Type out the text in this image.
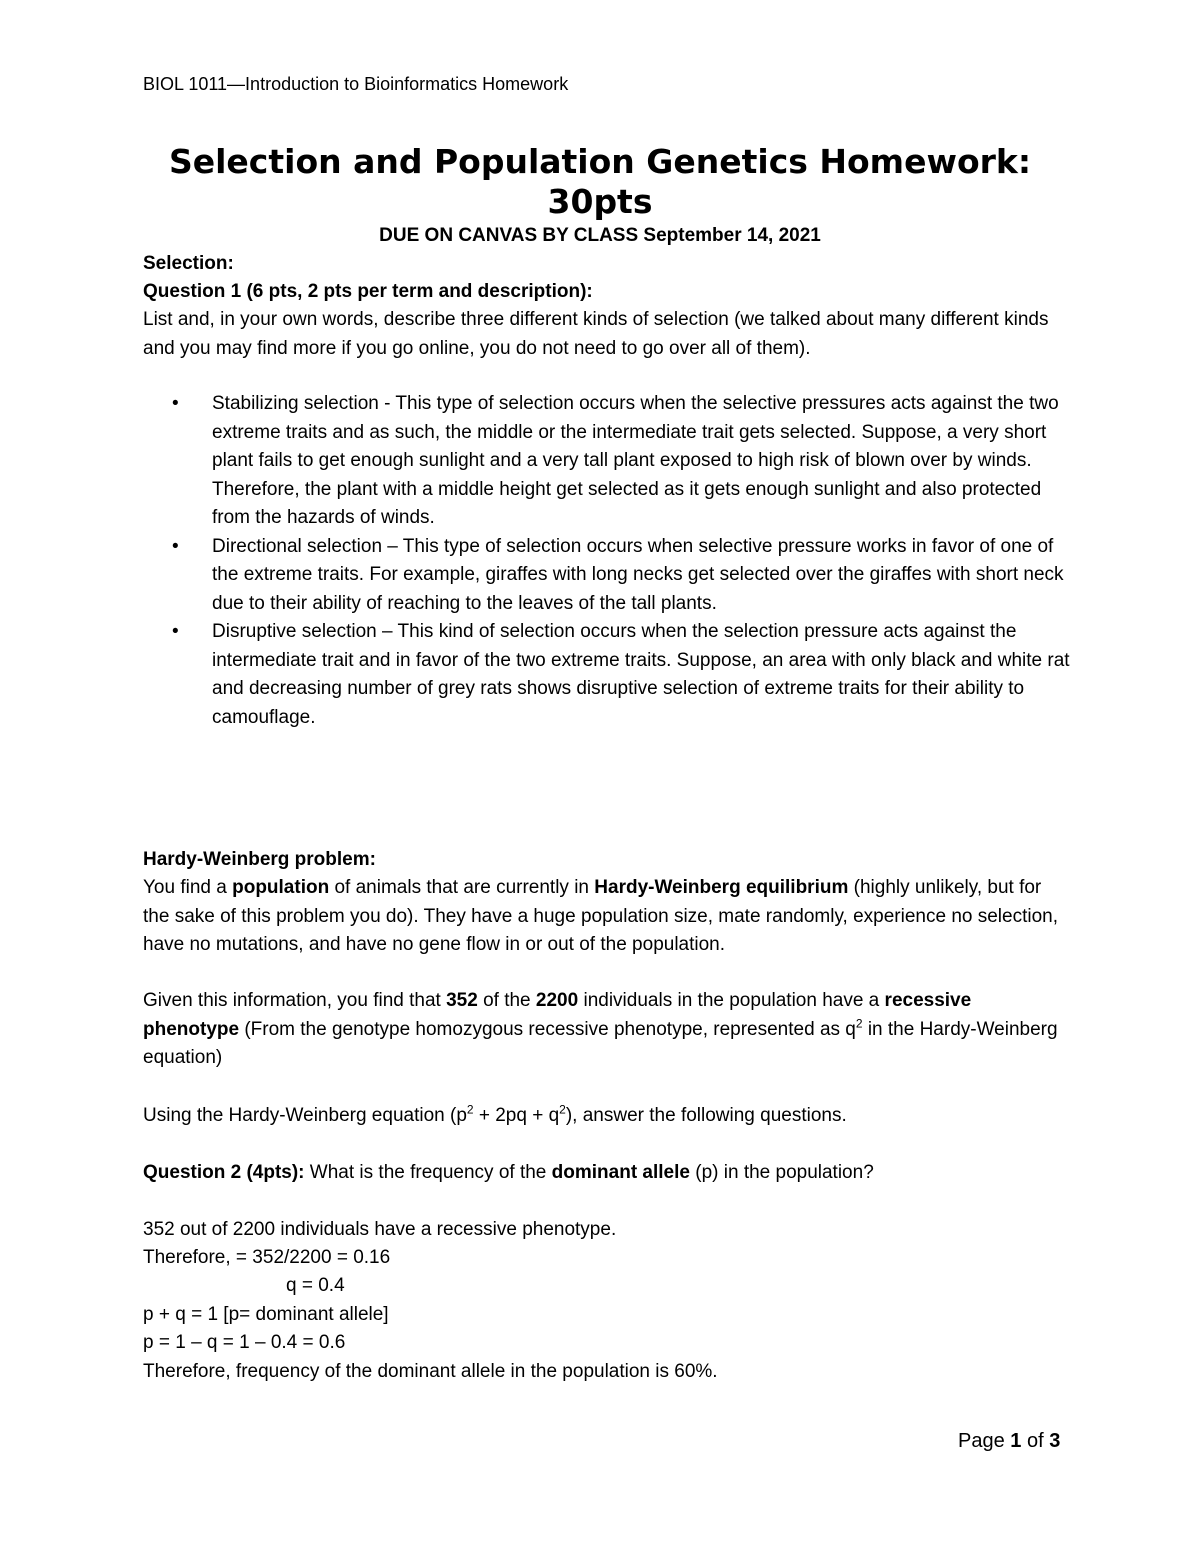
BIOL 1011—Introduction to Bioinformatics Homework
Selection and Population Genetics Homework:
30pts
DUE ON CANVAS BY CLASS September 14, 2021
Selection:
Question 1 (6 pts, 2 pts per term and description):
List and, in your own words, describe three different kinds of selection (we talked about many different kinds and you may find more if you go online, you do not need to go over all of them).
• Stabilizing selection - This type of selection occurs when the selective pressures acts against the two extreme traits and as such, the middle or the intermediate trait gets selected. Suppose, a very short plant fails to get enough sunlight and a very tall plant exposed to high risk of blown over by winds. Therefore, the plant with a middle height get selected as it gets enough sunlight and also protected from the hazards of winds.
• Directional selection – This type of selection occurs when selective pressure works in favor of one of the extreme traits. For example, giraffes with long necks get selected over the giraffes with short neck due to their ability of reaching to the leaves of the tall plants.
• Disruptive selection – This kind of selection occurs when the selection pressure acts against the intermediate trait and in favor of the two extreme traits. Suppose, an area with only black and white rat and decreasing number of grey rats shows disruptive selection of extreme traits for their ability to camouflage.
Hardy-Weinberg problem:
You find a population of animals that are currently in Hardy-Weinberg equilibrium (highly unlikely, but for the sake of this problem you do). They have a huge population size, mate randomly, experience no selection, have no mutations, and have no gene flow in or out of the population.
Given this information, you find that 352 of the 2200 individuals in the population have a recessive phenotype (From the genotype homozygous recessive phenotype, represented as $q^2$ in the Hardy-Weinberg equation)
Using the Hardy-Weinberg equation $(p^2 + 2pq + q^2)$, answer the following questions.
Question 2 (4pts): What is the frequency of the dominant allele (p) in the population?
352 out of 2200 individuals have a recessive phenotype.
Therefore, = 352/2200 = 0.16
q = 0.4
p + q = 1 [p= dominant allele]
p = 1 – q = 1 – 0.4 = 0.6
Therefore, frequency of the dominant allele in the population is 60%.
Page 1 of 3
